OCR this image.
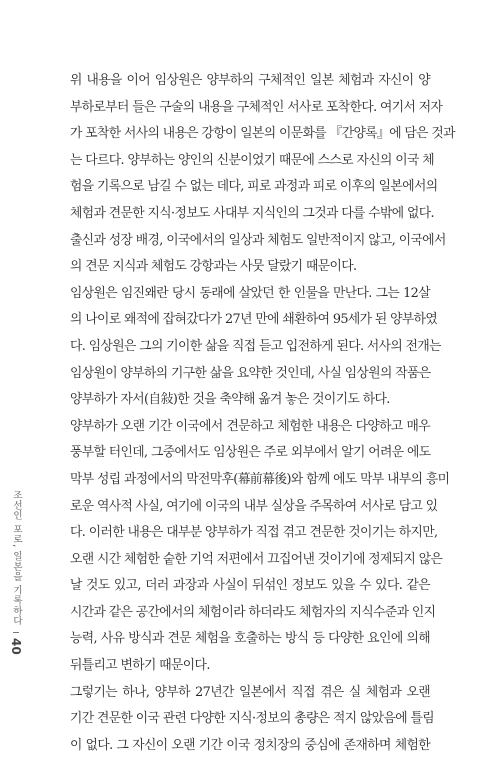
위 내용을 이어 임상원은 양부하의 구체적인 일본 체험과 자신이 양
부하로부터 들은 구술의 내용을 구체적인 서사로 포착한다. 여기서 저자
가 포착한 서사의 내용은 강항이 일본의 이문화를 『간양록』에 담은 것과
는 다르다. 양부하는 양인의 신분이었기 때문에 스스로 자신의 이국 체
험을 기록으로 남길 수 없는 데다, 피로 과정과 피로 이후의 일본에서의
체험과 견문한 지식·정보도 사대부 지식인의 그것과 다를 수밖에 없다.
출신과 성장 배경, 이국에서의 일상과 체험도 일반적이지 않고, 이국에서
의 견문 지식과 체험도 강항과는 사뭇 달랐기 때문이다.
임상원은 임진왜란 당시 동래에 살았던 한 인물을 만난다. 그는 12살
의 나이로 왜적에 잡혀갔다가 27년 만에 쇄환하여 95세가 된 양부하였
다. 임상원은 그의 기이한 삶을 직접 듣고 입전하게 된다. 서사의 전개는
임상원이 양부하의 기구한 삶을 요약한 것인데, 사실 임상원의 작품은
양부하가 자서(自敍)한 것을 축약해 옮겨 놓은 것이기도 하다.
양부하가 오랜 기간 이국에서 견문하고 체험한 내용은 다양하고 매우
풍부할 터인데, 그중에서도 임상원은 주로 외부에서 알기 어려운 에도
막부 성립 과정에서의 막전막후(幕前幕後)와 함께 에도 막부 내부의 흥미
로운 역사적 사실, 여기에 이국의 내부 실상을 주목하여 서사로 담고 있
다. 이러한 내용은 대부분 양부하가 직접 겪고 견문한 것이기는 하지만,
오랜 시간 체험한 숱한 기억 저편에서 끄집어낸 것이기에 정제되지 않은
날 것도 있고, 더러 과장과 사실이 뒤섞인 정보도 있을 수 있다. 같은
시간과 같은 공간에서의 체험이라 하더라도 체험자의 지식수준과 인지
능력, 사유 방식과 견문 체험을 호출하는 방식 등 다양한 요인에 의해
뒤틀리고 변하기 때문이다.
그렇기는 하나, 양부하 27년간 일본에서 직접 겪은 실 체험과 오랜
기간 견문한 이국 관련 다양한 지식·정보의 총량은 적지 않았음에 틀림
이 없다. 그 자신이 오랜 기간 이국 정치장의 중심에 존재하며 체험한
조선인 포로, 일본을 기록하다
40
